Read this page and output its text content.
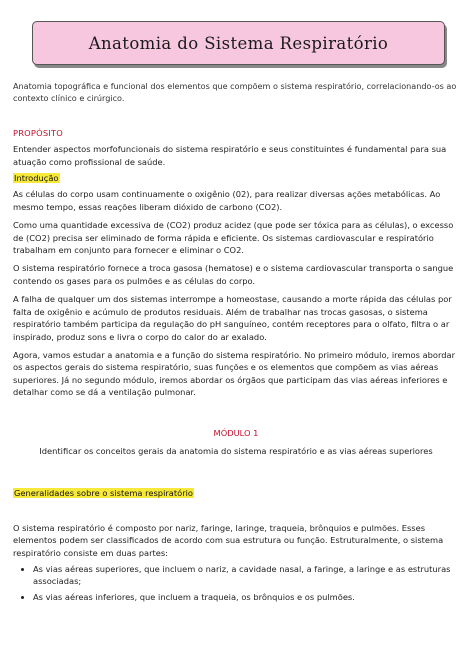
Anatomia do Sistema Respiratório

Anatomia topográfica e funcional dos elementos que compõem o sistema respiratório, correlacionando-os ao contexto clínico e cirúrgico.

PROPÓSITO

Entender aspectos morfofuncionais do sistema respiratório e seus constituintes é fundamental para sua atuação como profissional de saúde.

Introdução

As células do corpo usam continuamente o oxigênio (02), para realizar diversas ações metabólicas. Ao mesmo tempo, essas reações liberam dióxido de carbono (CO2).

Como uma quantidade excessiva de (CO2) produz acidez (que pode ser tóxica para as células), o excesso de (CO2) precisa ser eliminado de forma rápida e eficiente. Os sistemas cardiovascular e respiratório trabalham em conjunto para fornecer e eliminar o CO2.

O sistema respiratório fornece a troca gasosa (hematose) e o sistema cardiovascular transporta o sangue contendo os gases para os pulmões e as células do corpo.

A falha de qualquer um dos sistemas interrompe a homeostase, causando a morte rápida das células por falta de oxigênio e acúmulo de produtos residuais. Além de trabalhar nas trocas gasosas, o sistema respiratório também participa da regulação do pH sanguíneo, contém receptores para o olfato, filtra o ar inspirado, produz sons e livra o corpo do calor do ar exalado.

Agora, vamos estudar a anatomia e a função do sistema respiratório. No primeiro módulo, iremos abordar os aspectos gerais do sistema respiratório, suas funções e os elementos que compõem as vias aéreas superiores. Já no segundo módulo, iremos abordar os órgãos que participam das vias aéreas inferiores e detalhar como se dá a ventilação pulmonar.

MÓDULO 1

Identificar os conceitos gerais da anatomia do sistema respiratório e as vias aéreas superiores

Generalidades sobre o sistema respiratório

O sistema respiratório é composto por nariz, faringe, laringe, traqueia, brônquios e pulmões. Esses elementos podem ser classificados de acordo com sua estrutura ou função. Estruturalmente, o sistema respiratório consiste em duas partes:

• As vias aéreas superiores, que incluem o nariz, a cavidade nasal, a faringe, a laringe e as estruturas associadas;
• As vias aéreas inferiores, que incluem a traqueia, os brônquios e os pulmões.
